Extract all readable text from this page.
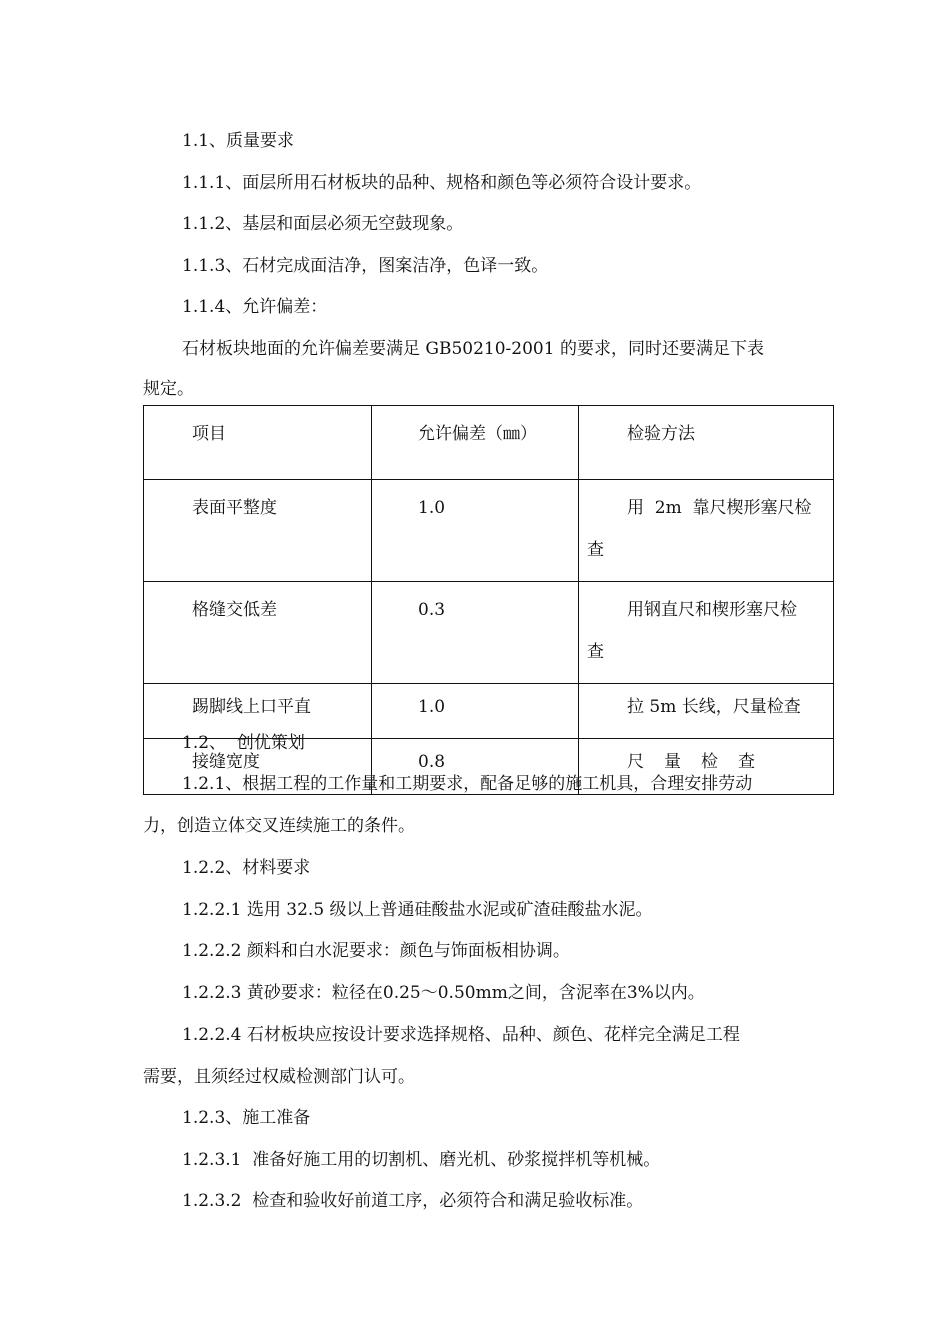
1.1、质量要求
1.1.1、面层所用石材板块的品种、规格和颜色等必须符合设计要求。
1.1.2、基层和面层必须无空鼓现象。
1.1.3、石材完成面洁净，图案洁净，色译一致。
1.1.4、允许偏差：
石材板块地面的允许偏差要满足 GB50210-2001 的要求，同时还要满足下表
规定。
项目	允许偏差（㎜）	检验方法

表面平整度	1.0	用  2m  靠尺楔形塞尺检
查

格缝交低差	0.3	用钢直尺和楔形塞尺检
查

踢脚线上口平直	1.0	拉 5m 长线，尺量检查

接缝宽度	0.8	尺量检查
1.2、  创优策划
1.2.1、根据工程的工作量和工期要求，配备足够的施工机具，合理安排劳动
力，创造立体交叉连续施工的条件。
1.2.2、材料要求
1.2.2.1 选用 32.5 级以上普通硅酸盐水泥或矿渣硅酸盐水泥。
1.2.2.2 颜料和白水泥要求：颜色与饰面板相协调。
1.2.2.3 黄砂要求：粒径在0.25～0.50mm之间，含泥率在3%以内。
1.2.2.4 石材板块应按设计要求选择规格、品种、颜色、花样完全满足工程
需要，且须经过权威检测部门认可。
1.2.3、施工准备
1.2.3.1  准备好施工用的切割机、磨光机、砂浆搅拌机等机械。
1.2.3.2  检查和验收好前道工序，必须符合和满足验收标准。
